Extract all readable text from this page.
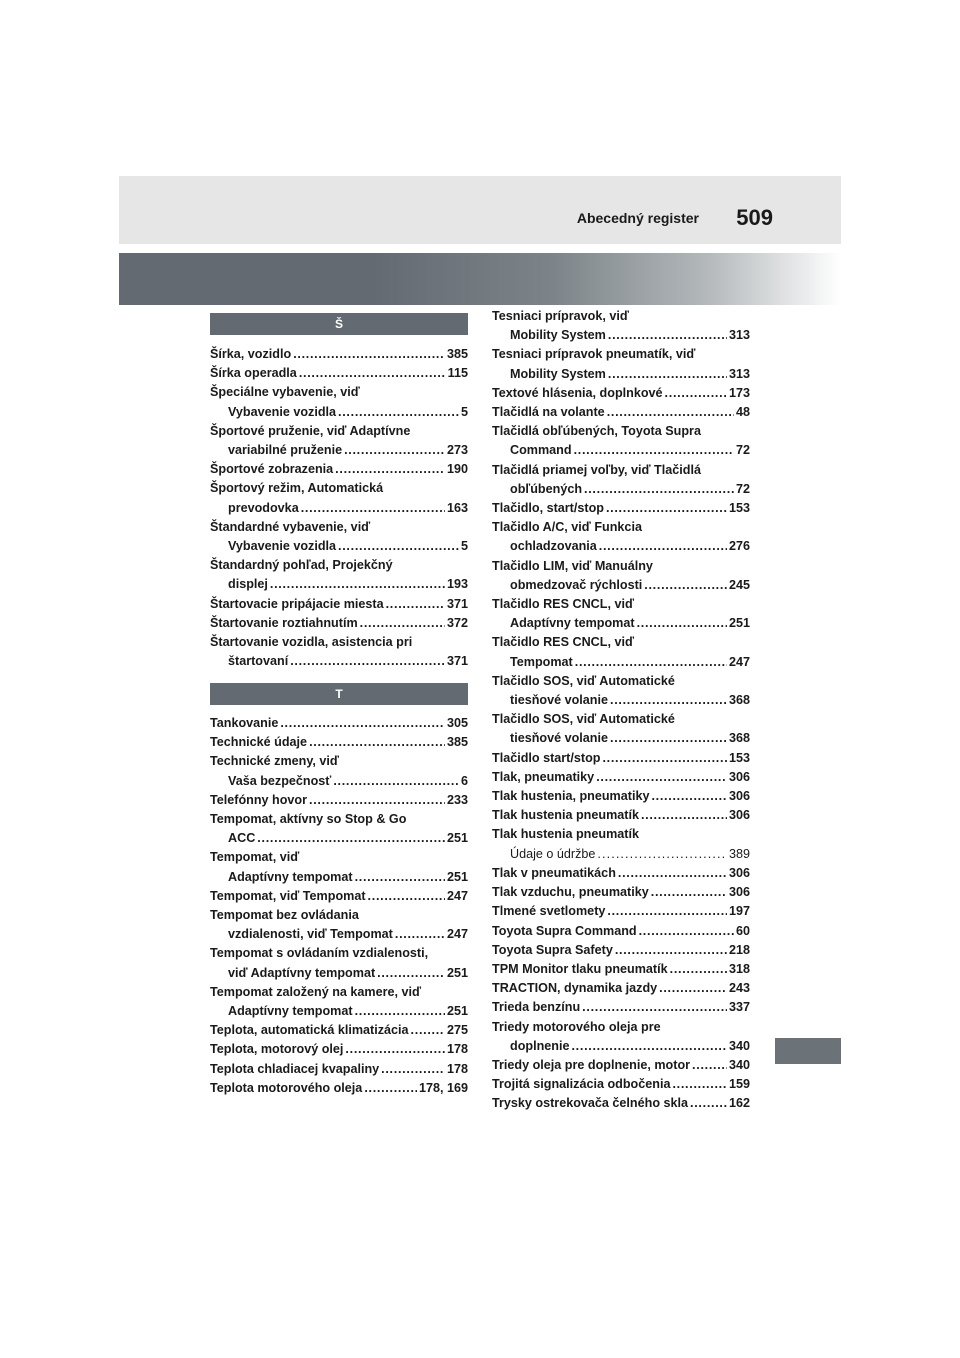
Abecedný register 509
Š
Šírka, vozidlo . . .	385
Šírka operadla . . .	115
Špeciálne vybavenie, viď
Vybavenie vozidla . . .	5
Športové pruženie, viď Adaptívne
variabilné pruženie . . .	273
Športové zobrazenia . . .	190
Športový režim, Automatická
prevodovka . . .	163
Štandardné vybavenie, viď
Vybavenie vozidla . . .	5
Štandardný pohľad, Projekčný
displej . . .	193
Štartovacie pripájacie miesta . . .	371
Štartovanie roztiahnutím . . .	372
Štartovanie vozidla, asistencia pri
štartovaní . . .	371
T
Tankovanie . . .	305
Technické údaje . . .	385
Technické zmeny, viď
Vaša bezpečnosť . . .	6
Telefónny hovor . . .	233
Tempomat, aktívny so Stop & Go
ACC . . .	251
Tempomat, viď
Adaptívny tempomat . . .	251
Tempomat, viď Tempomat . . .	247
Tempomat bez ovládania
vzdialenosti, viď Tempomat . . .	247
Tempomat s ovládaním vzdialenosti,
viď Adaptívny tempomat . . .	251
Tempomat založený na kamere, viď
Adaptívny tempomat . . .	251
Teplota, automatická klimatizácia . . .	275
Teplota, motorový olej . . .	178
Teplota chladiacej kvapaliny . . .	178
Teplota motorového oleja . . .	178, 169
Tesniaci prípravok, viď
Mobility System . . .	313
Tesniaci prípravok pneumatík, viď
Mobility System . . .	313
Textové hlásenia, doplnkové . . .	173
Tlačidlá na volante . . .	48
Tlačidlá obľúbených, Toyota Supra
Command . . .	72
Tlačidlá priamej voľby, viď Tlačidlá
obľúbených . . .	72
Tlačidlo, start/stop . . .	153
Tlačidlo A/C, viď Funkcia
ochladzovania . . .	276
Tlačidlo LIM, viď Manuálny
obmedzovač rýchlosti . . .	245
Tlačidlo RES CNCL, viď
Adaptívny tempomat . . .	251
Tlačidlo RES CNCL, viď
Tempomat . . .	247
Tlačidlo SOS, viď Automatické
tiesňové volanie . . .	368
Tlačidlo SOS, viď Automatické
tiesňové volanie . . .	368
Tlačidlo start/stop . . .	153
Tlak, pneumatiky . . .	306
Tlak hustenia, pneumatiky . . .	306
Tlak hustenia pneumatík . . .	306
Tlak hustenia pneumatík
Údaje o údržbe . . .	389
Tlak v pneumatikách . . .	306
Tlak vzduchu, pneumatiky . . .	306
Tlmené svetlomety . . .	197
Toyota Supra Command . . .	60
Toyota Supra Safety . . .	218
TPM Monitor tlaku pneumatík . . .	318
TRACTION, dynamika jazdy . . .	243
Trieda benzínu . . .	337
Triedy motorového oleja pre
doplnenie . . .	340
Triedy oleja pre doplnenie, motor . . .	340
Trojitá signalizácia odbočenia . . .	159
Trysky ostrekovača čelného skla . . .	162
